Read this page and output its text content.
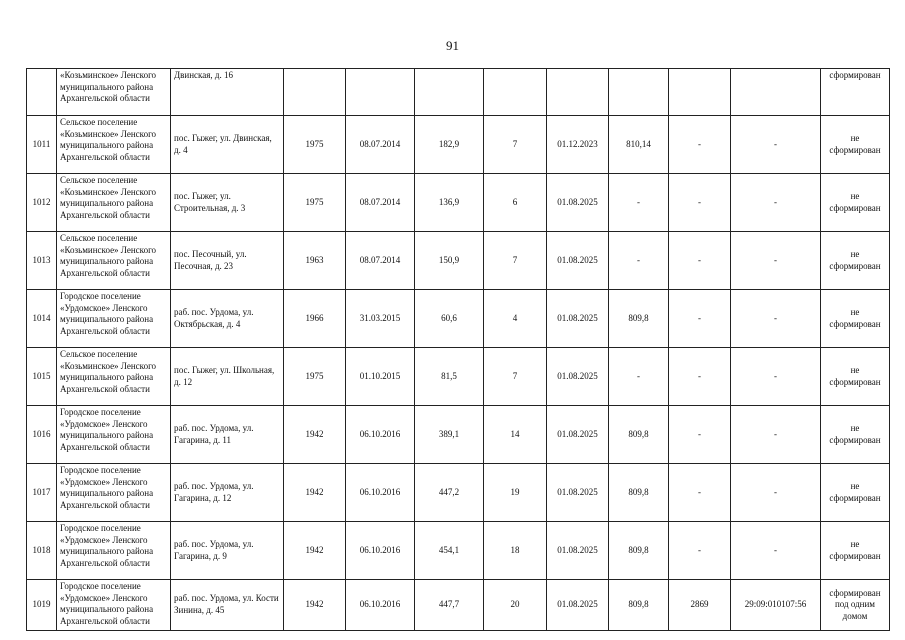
91
	«Козьминское» Ленского муниципального района Архангельской области	Двинская, д. 16									сформирован
1011	Сельское поселение «Козьминское» Ленского муниципального района Архангельской области	пос. Гыжег, ул. Двинская, д. 4	1975	08.07.2014	182,9	7	01.12.2023	810,14	-	-	не сформирован
1012	Сельское поселение «Козьминское» Ленского муниципального района Архангельской области	пос. Гыжег, ул. Строительная, д. 3	1975	08.07.2014	136,9	6	01.08.2025	-	-	-	не сформирован
1013	Сельское поселение «Козьминское» Ленского муниципального района Архангельской области	пос. Песочный, ул. Песочная, д. 23	1963	08.07.2014	150,9	7	01.08.2025	-	-	-	не сформирован
1014	Городское поселение «Урдомское» Ленского муниципального района Архангельской области	раб. пос. Урдома, ул. Октябрьская, д. 4	1966	31.03.2015	60,6	4	01.08.2025	809,8	-	-	не сформирован
1015	Сельское поселение «Козьминское» Ленского муниципального района Архангельской области	пос. Гыжег, ул. Школьная, д. 12	1975	01.10.2015	81,5	7	01.08.2025	-	-	-	не сформирован
1016	Городское поселение «Урдомское» Ленского муниципального района Архангельской области	раб. пос. Урдома, ул. Гагарина, д. 11	1942	06.10.2016	389,1	14	01.08.2025	809,8	-	-	не сформирован
1017	Городское поселение «Урдомское» Ленского муниципального района Архангельской области	раб. пос. Урдома, ул. Гагарина, д. 12	1942	06.10.2016	447,2	19	01.08.2025	809,8	-	-	не сформирован
1018	Городское поселение «Урдомское» Ленского муниципального района Архангельской области	раб. пос. Урдома, ул. Гагарина, д. 9	1942	06.10.2016	454,1	18	01.08.2025	809,8	-	-	не сформирован
1019	Городское поселение «Урдомское» Ленского муниципального района Архангельской области	раб. пос. Урдома, ул. Кости Зинина, д. 45	1942	06.10.2016	447,7	20	01.08.2025	809,8	2869	29:09:010107:56	сформирован под одним домом
